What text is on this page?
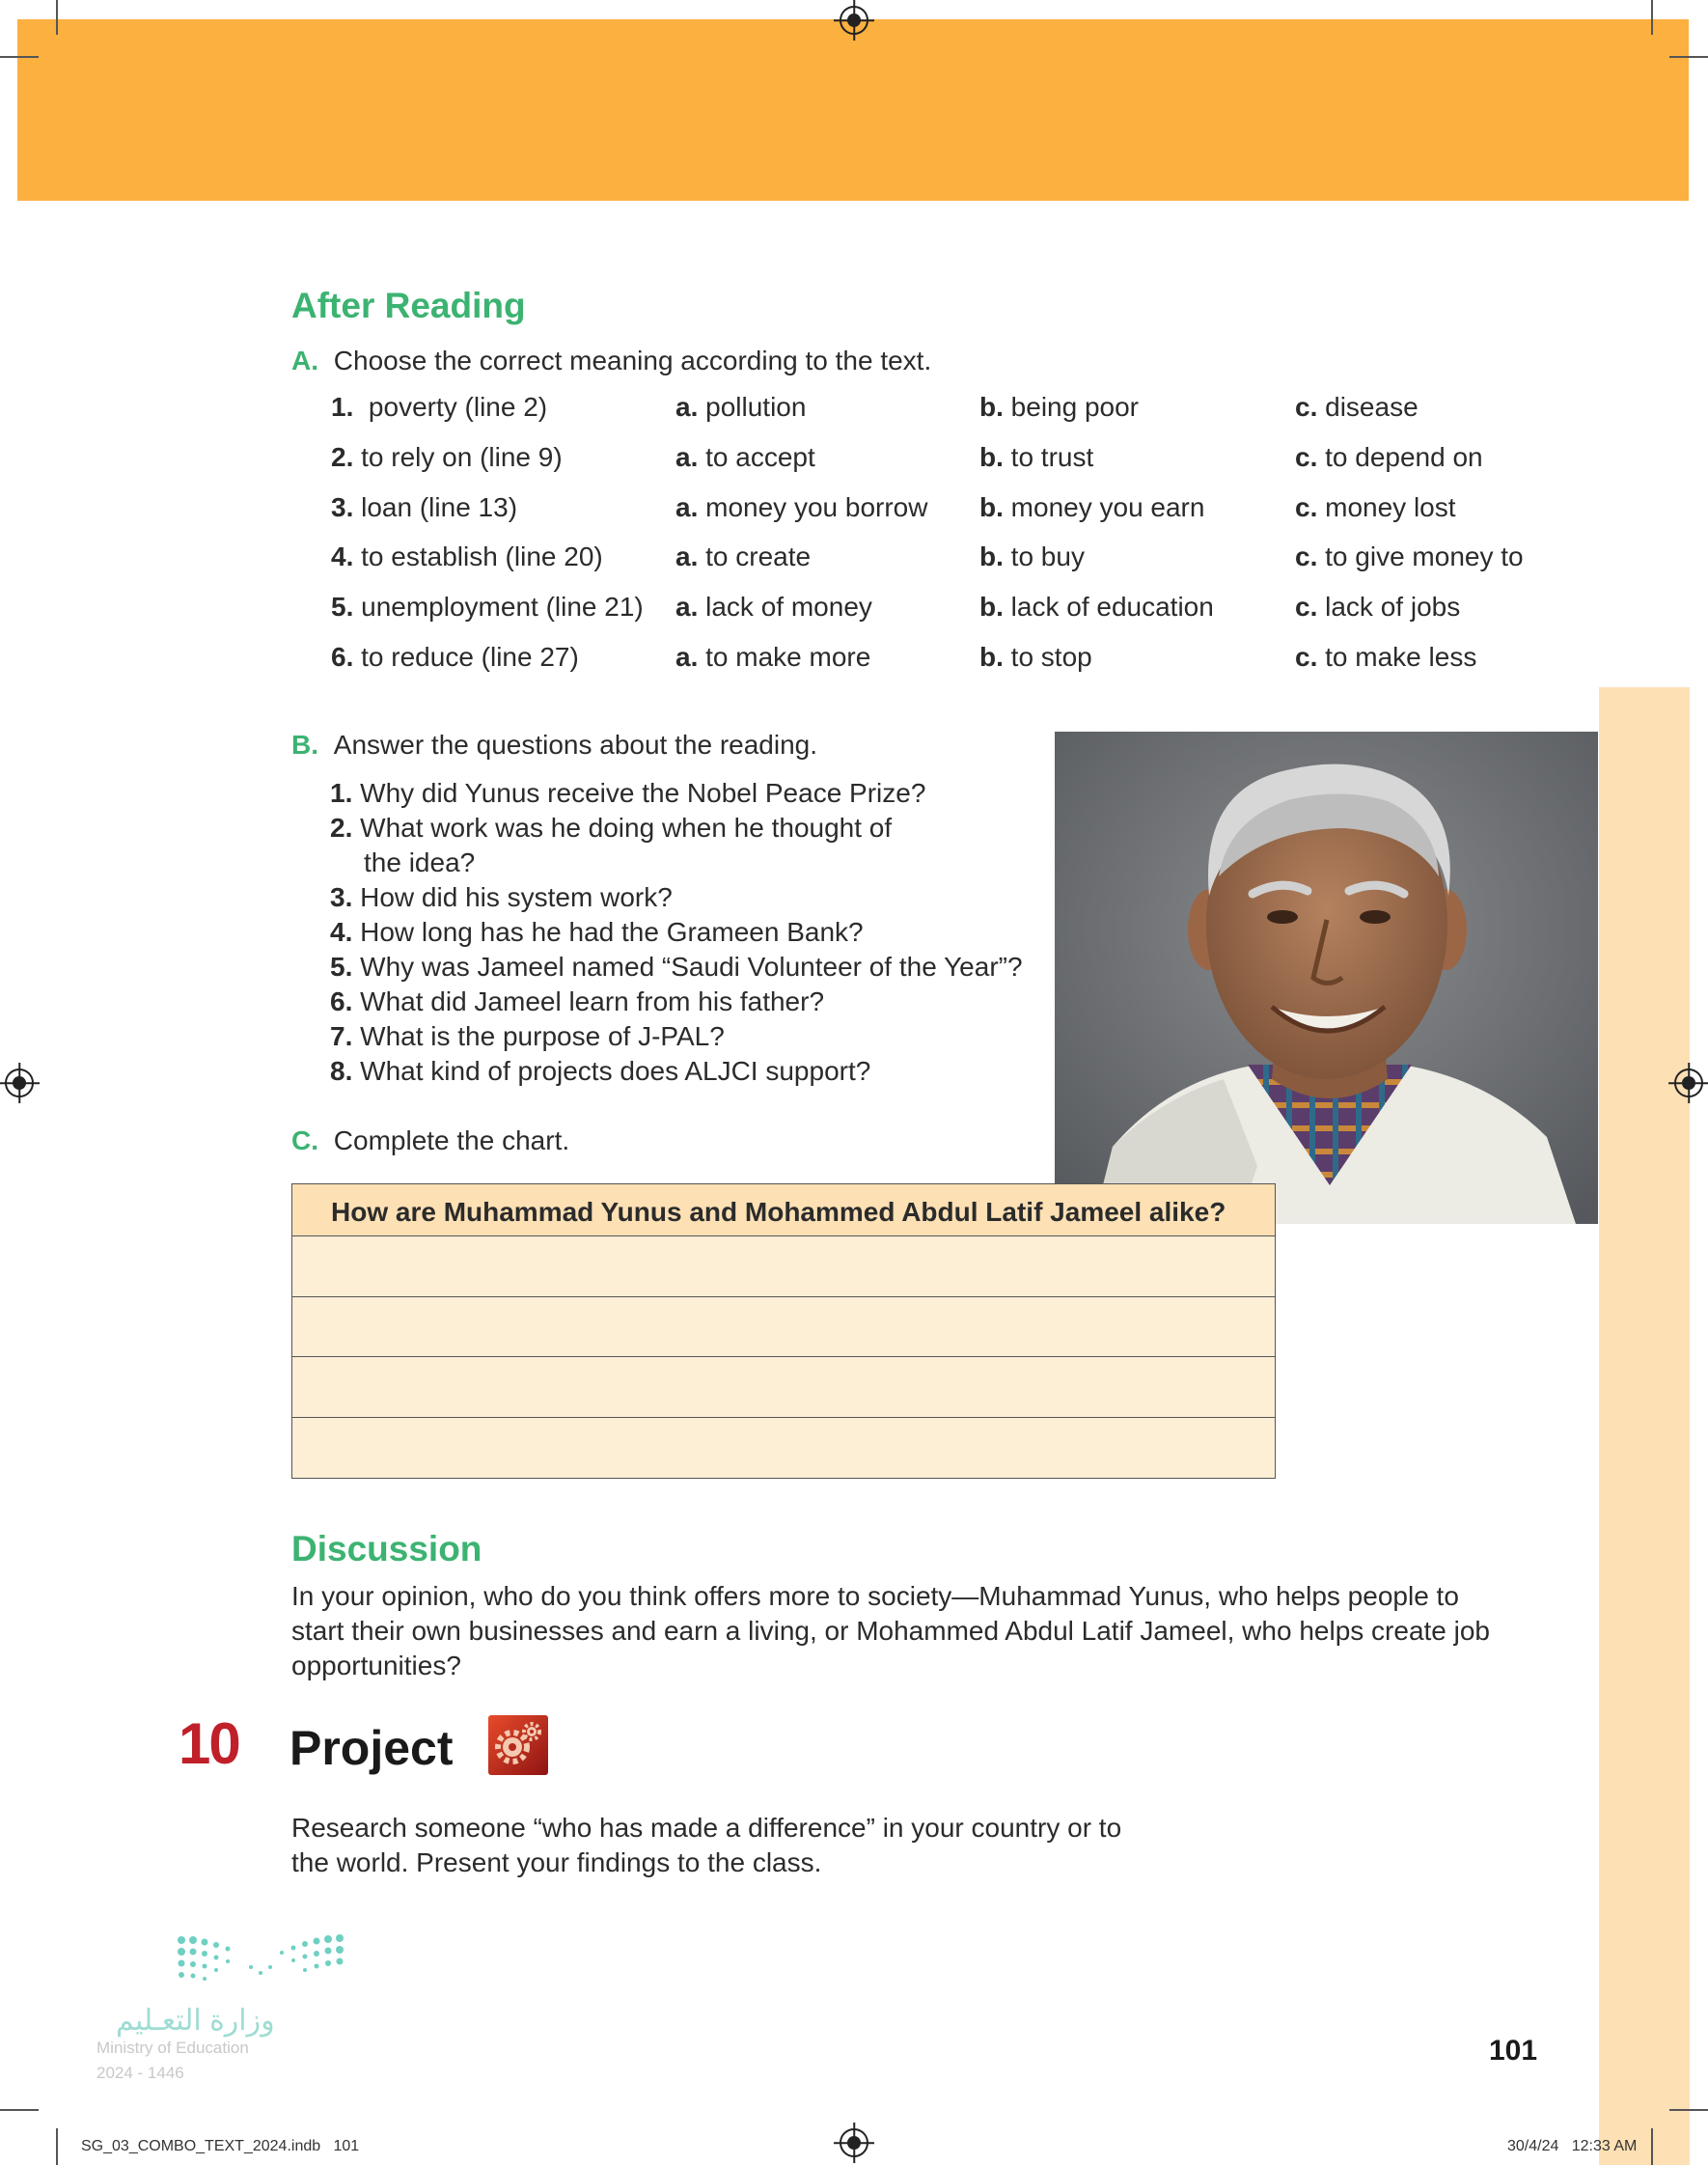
After Reading
A. Choose the correct meaning according to the text.
1. poverty (line 2)	a. pollution	b. being poor	c. disease
2. to rely on (line 9)	a. to accept	b. to trust	c. to depend on
3. loan (line 13)	a. money you borrow b. money you earn	c. money lost
4. to establish (line 20)	a. to create	b. to buy	c. to give money to
5. unemployment (line 21) a. lack of money	b. lack of education	c. lack of jobs
6. to reduce (line 27)	a. to make more	b. to stop	c. to make less
B. Answer the questions about the reading.
1. Why did Yunus receive the Nobel Peace Prize?
2. What work was he doing when he thought of
the idea?
3. How did his system work?
4. How long has he had the Grameen Bank?
5. Why was Jameel named “Saudi Volunteer of the Year”?
6. What did Jameel learn from his father?
7. What is the purpose of J-PAL?
8. What kind of projects does ALJCI support?
C. Complete the chart.
How are Muhammad Yunus and Mohammed Abdul Latif Jameel alike?
Discussion
In your opinion, who do you think offers more to society—Muhammad Yunus, who helps people to
start their own businesses and earn a living, or Mohammed Abdul Latif Jameel, who helps create job
opportunities?
10 Project
Research someone “who has made a difference” in your country or to
the world. Present your findings to the class.
وزارة التعـليم
Ministry of Education
2024 - 1446
101
SG_03_COMBO_TEXT_2024.indb   101	30/4/24   12:33 AM
